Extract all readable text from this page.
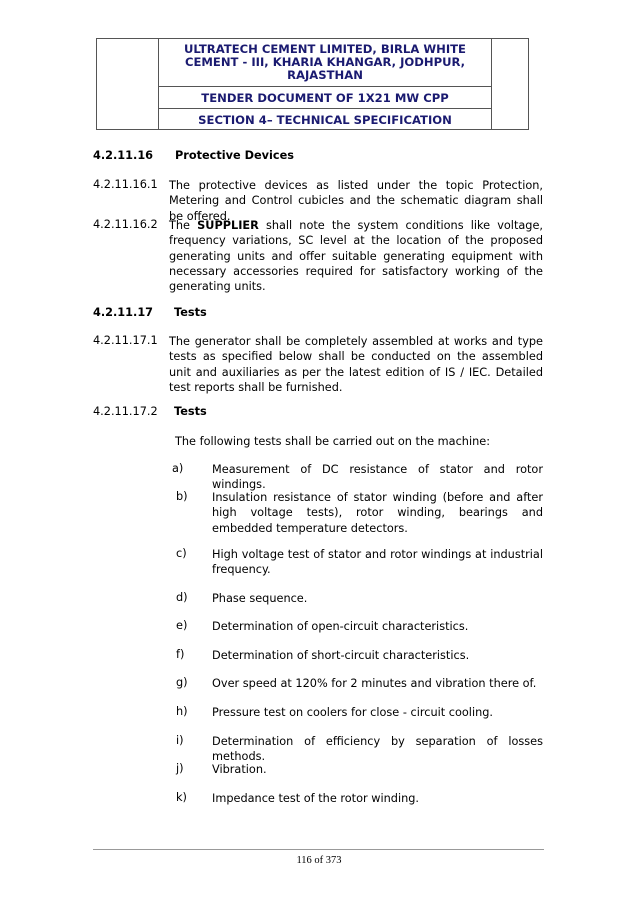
ULTRATECH CEMENT LIMITED, BIRLA WHITE CEMENT - III, KHARIA KHANGAR, JODHPUR, RAJASTHAN
TENDER DOCUMENT OF 1X21 MW CPP
SECTION 4– TECHNICAL SPECIFICATION
4.2.11.16 Protective Devices
4.2.11.16.1 The protective devices as listed under the topic Protection, Metering and Control cubicles and the schematic diagram shall be offered.
4.2.11.16.2 The SUPPLIER shall note the system conditions like voltage, frequency variations, SC level at the location of the proposed generating units and offer suitable generating equipment with necessary accessories required for satisfactory working of the generating units.
4.2.11.17 Tests
4.2.11.17.1 The generator shall be completely assembled at works and type tests as specified below shall be conducted on the assembled unit and auxiliaries as per the latest edition of IS / IEC. Detailed test reports shall be furnished.
4.2.11.17.2 Tests
The following tests shall be carried out on the machine:
a)	Measurement of DC resistance of stator and rotor windings.
b)	Insulation resistance of stator winding (before and after high voltage tests), rotor winding, bearings and embedded temperature detectors.
c)	High voltage test of stator and rotor windings at industrial frequency.
d)	Phase sequence.
e)	Determination of open-circuit characteristics.
f)	Determination of short-circuit characteristics.
g)	Over speed at 120% for 2 minutes and vibration there of.
h)	Pressure test on coolers for close - circuit cooling.
i)	Determination of efficiency by separation of losses methods.
j)	Vibration.
k)	Impedance test of the rotor winding.
116 of 373
